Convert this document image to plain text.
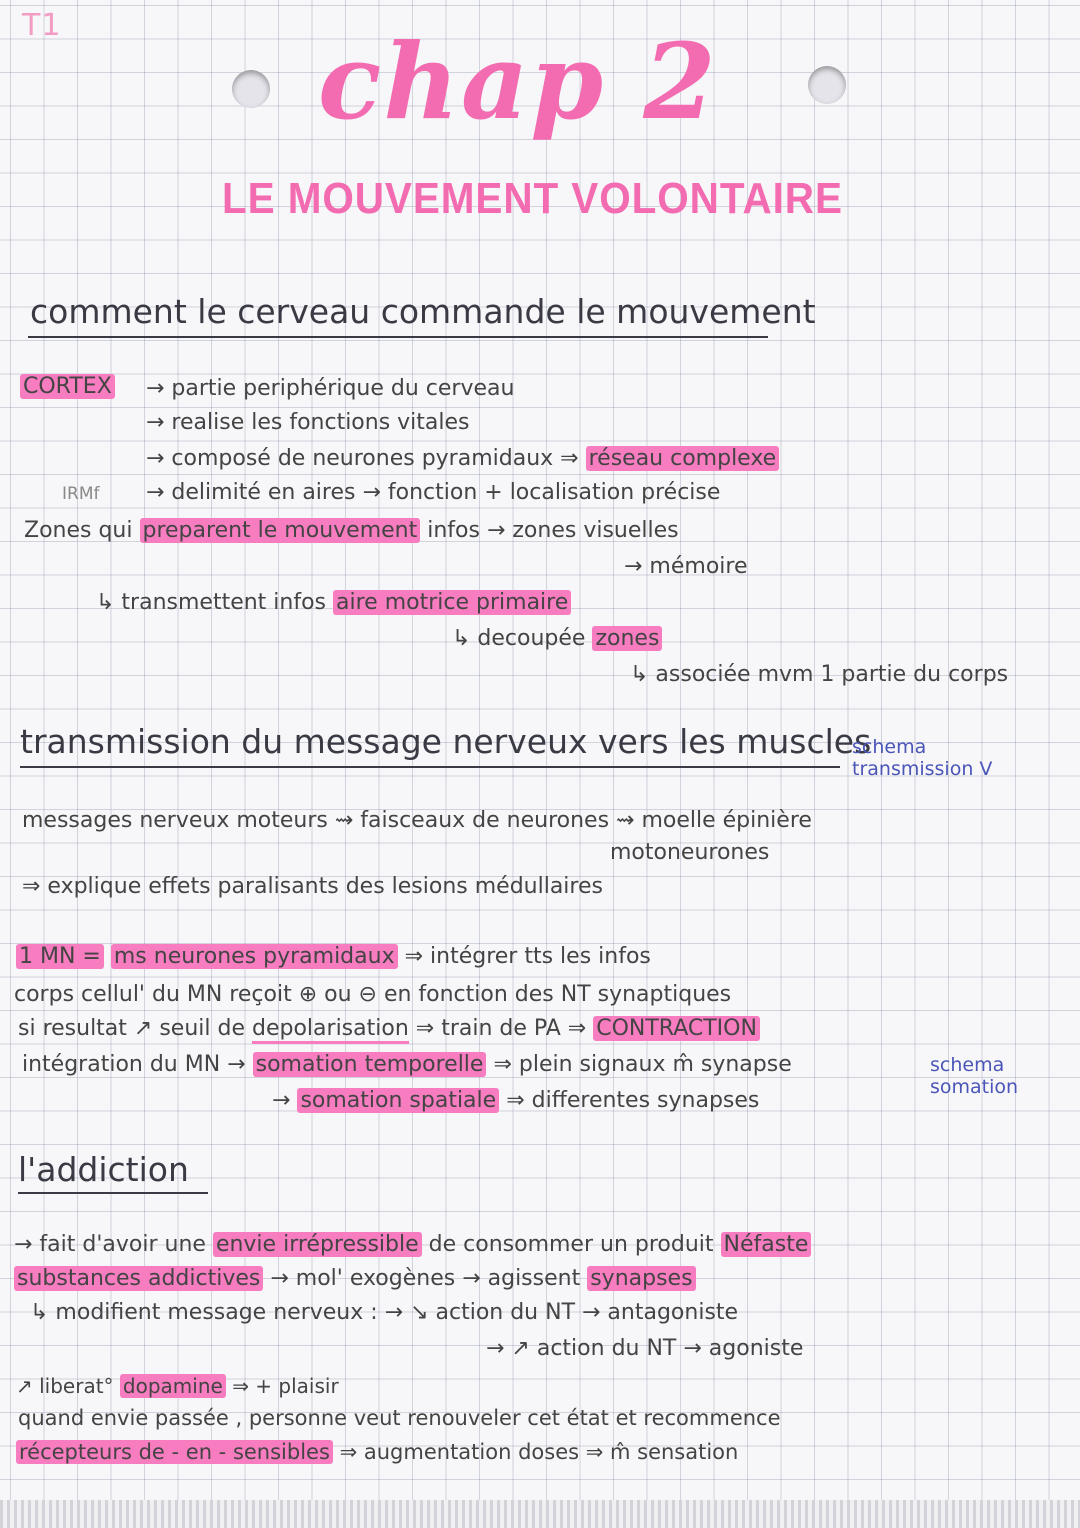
T1 chap 2
LE MOUVEMENT VOLONTAIRE
comment le cerveau commande le mouvement
CORTEX → partie periphérique du cerveau
→ realise les fonctions vitales
→ composé de neurones pyramidaux ⇒ réseau complexe
IRMf → delimité en aires → fonction + localisation précise
Zones qui preparent le mouvement infos → zones visuelles
→ mémoire
↳ transmettent infos aire motrice primaire
↳ decoupée zones
↳ associée mvm 1 partie du corps
transmission du message nerveux vers les muscles
schema transmission V
messages nerveux moteurs ⇝ faisceaux de neurones ⇝ moelle épinière
motoneurones
⇒ explique effets paralisants des lesions médullaires
1 MN = ms neurones pyramidaux ⇒ intégrer tts les infos
corps cellul' du MN reçoit ⊕ ou ⊖ en fonction des NT synaptiques
si resultat ↗ seuil de depolarisation ⇒ train de PA ⇒ CONTRACTION
intégration du MN → somation temporelle ⇒ plein signaux m̂ synapse
→ somation spatiale ⇒ differentes synapses
schema somation
l'addiction
→ fait d'avoir une envie irrépressible de consommer un produit Néfaste
substances addictives → mol' exogènes → agissent synapses
↳ modifient message nerveux : → ↘ action du NT → antagoniste
→ ↗ action du NT → agoniste
↗ liberat° dopamine ⇒ + plaisir
quand envie passée , personne veut renouveler cet état et recommence
récepteurs de - en - sensibles ⇒ augmentation doses ⇒ m̂ sensation
